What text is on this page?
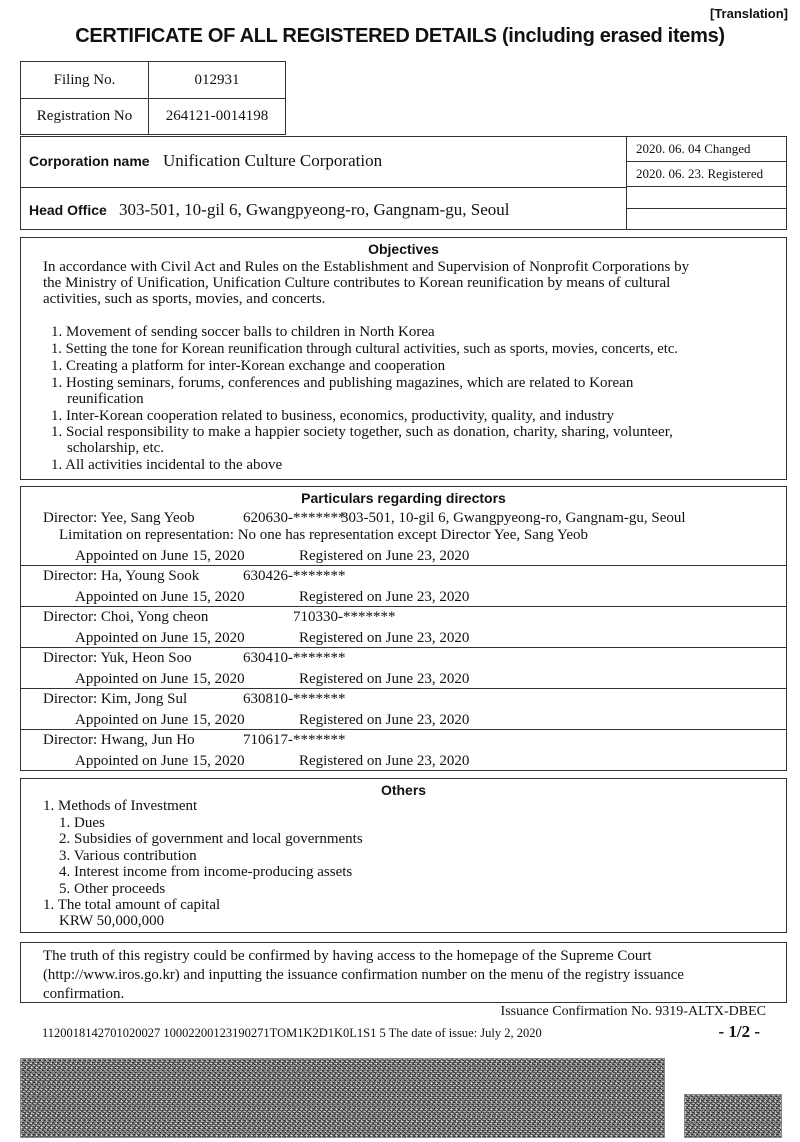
[Translation]
CERTIFICATE OF ALL REGISTERED DETAILS (including erased items)
Filing No.	012931
Registration No	264121-0014198
Corporation name Unification Culture Corporation
Head Office 303-501, 10-gil 6, Gwangpyeong-ro, Gangnam-gu, Seoul
2020. 06. 04 Changed
2020. 06. 23. Registered
Objectives
In accordance with Civil Act and Rules on the Establishment and Supervision of Nonprofit Corporations by
the Ministry of Unification, Unification Culture contributes to Korean reunification by means of cultural
activities, such as sports, movies, and concerts.
1. Movement of sending soccer balls to children in North Korea
1. Setting the tone for Korean reunification through cultural activities, such as sports, movies, concerts, etc.
1. Creating a platform for inter-Korean exchange and cooperation
1. Hosting seminars, forums, conferences and publishing magazines, which are related to Korean
reunification
1. Inter-Korean cooperation related to business, economics, productivity, quality, and industry
1. Social responsibility to make a happier society together, such as donation, charity, sharing, volunteer,
scholarship, etc.
1. All activities incidental to the above
Particulars regarding directors
Director: Yee, Sang Yeob	620630-*******
303-501, 10-gil 6, Gwangpyeong-ro, Gangnam-gu, Seoul
Limitation on representation: No one has representation except Director Yee, Sang Yeob
Appointed on June 15, 2020	Registered on June 23, 2020
Director: Ha, Young Sook	630426-*******
Appointed on June 15, 2020	Registered on June 23, 2020
Director: Choi, Yong cheon	710330-*******
Appointed on June 15, 2020	Registered on June 23, 2020
Director: Yuk, Heon Soo	630410-*******
Appointed on June 15, 2020	Registered on June 23, 2020
Director: Kim, Jong Sul	630810-*******
Appointed on June 15, 2020	Registered on June 23, 2020
Director: Hwang, Jun Ho	710617-*******
Appointed on June 15, 2020	Registered on June 23, 2020
Others
1. Methods of Investment
1. Dues
2. Subsidies of government and local governments
3. Various contribution
4. Interest income from income-producing assets
5. Other proceeds
1. The total amount of capital
KRW 50,000,000
The truth of this registry could be confirmed by having access to the homepage of the Supreme Court
(http://www.iros.go.kr) and inputting the issuance confirmation number on the menu of the registry issuance
confirmation.
Issuance Confirmation No. 9319-ALTX-DBEC
1120018142701020027 10002200123190271TOM1K2D1K0L1S1 5 The date of issue: July 2, 2020	- 1/2 -
